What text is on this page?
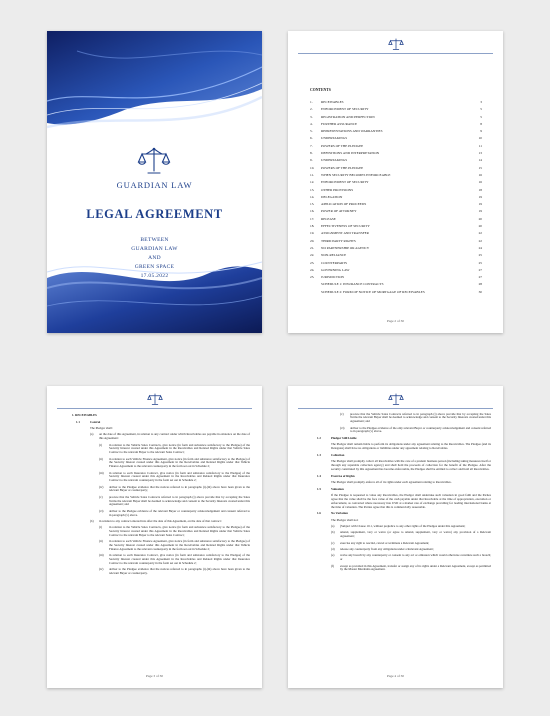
GUARDIAN LAW
LEGAL AGREEMENT
BETWEEN
GUARDIAN LAW
AND
GREEN SPACE
17.05.2022
CONTENTS
1.	RECEIVABLES	3
2.	ENFORCEMENT OF SECURITY	5
3.	REGISTRATION AND PERFECTION	5
4.	FURTHER ASSURANCE	8
5.	REPRESENTATIONS AND WARRANTIES	9
6.	UNDERTAKINGS	10
7.	POWERS OF THE PLEDGEE	11
8.	DEFINITIONS AND INTERPRETATION	13
9.	UNDERTAKINGS	14
10.	POWERS OF THE PLEDGEE	15
11.	WHEN SECURITY BECOMES ENFORCEABLE	16
12.	ENFORCEMENT OF SECURITY	16
13.	OTHER PROVISIONS	18
14.	DELEGATION	19
15.	APPLICATION OF PROCEEDS	19
16.	POWER OF ATTORNEY	19
17.	RELEASE	20
18.	EFFECTIVENESS OF SECURITY	20
19.	ASSIGNMENT AND TRANSFER	22
20.	THIRD PARTY RIGHTS	22
21.	NO PARTNERSHIP OR AGENCY	24
22.	NON-RELIANCE	25
23.	COUNTERPARTS	25
24.	GOVERNING LAW	27
25.	JURISDICTION	27
SCHEDULE 1: INSURANCE CONTRACTS	28
SCHEDULE 2: FORM OF NOTICE OF MORTGAGE OF RECEIVABLES	30
Page 2 of 30
1. RECEIVABLES
1.1	Control
The Pledgor shall:
(a)	on the date of this Agreement, in relation to any contract under which Receivables are payable in existence on the date of this Agreement:
(i)	in relation to the Vehicle Sales Contracts, give notice (in form and substance satisfactory to the Pledgee) of the Security Interest created under this Agreement in the Receivables and Related Rights under that Vehicle Sales Contract to the relevant Buyer to the relevant Sales Contract;
(ii)	in relation to each Vehicle Finance Agreement, give notice (in form and substance satisfactory to the Pledgee) of the Security Interest created under this Agreement in the Receivables and Related Rights under that Vehicle Finance Agreement to the relevant counterparty in the form set out in Schedule 2;
(iii)	in relation to each Insurance Contract, give notice (in form and substance satisfactory to the Pledgee) of the Security Interest created under this Agreement in the Receivables and Related Rights under that Insurance Contract to the relevant counterparty in the form set out in Schedule 2;
(iv)	deliver to the Pledgee evidence that the notices referred to in paragraphs (i)-(iii) above have been given to the relevant Buyer or counterparty;
(v)	procure that the Vehicle Sales Contracts referred to in paragraph (i) above provide that by accepting the Sales Terms the relevant Buyer shall be deemed to acknowledge and consent to the Security Interests created under this Agreement; and
(vi)	deliver to the Pledgee evidence of the relevant Buyer or counterparty acknowledgement and consent referred to in paragraph (v) above.
(b)	in relation to any contract entered into after the date of this Agreement, on the date of that contract:
(i)	in relation to the Vehicle Sales Contracts, give notice (in form and substance satisfactory to the Pledgee) of the Security Interest created under this Agreement in the Receivables and Related Rights under that Vehicle Sales Contract to the relevant Buyer to the relevant Sales Contract;
(ii)	in relation to each Vehicle Finance Agreement, give notice (in form and substance satisfactory to the Pledgee) of the Security Interest created under this Agreement in the Receivables and Related Rights under that Vehicle Finance Agreement to the relevant counterparty in the form set out in Schedule 2;
(iii)	in relation to each Insurance Contract, give notice (in form and substance satisfactory to the Pledgee) of the Security Interest created under this Agreement in the Receivables and Related Rights under that Insurance Contract to the relevant counterparty in the form set out in Schedule 2;
(iv)	deliver to the Pledgee evidence that the notices referred to in paragraphs (i)-(iii) above have been given to the relevant Buyer or counterparty.
Page 3 of 30
(v)	procure that the Vehicle Sales Contracts referred to in paragraph (i) above provide that by accepting the Sales Terms the relevant Buyer shall be deemed to acknowledge and consent to the Security Interests created under this Agreement; and
(vi)	deliver to the Pledgee evidence of the only relevant Buyer or counterparty acknowledgement and consent referred to in paragraph (v) above.
1.2	Pledgor Still Liable
The Pledgor shall remain liable to perform its obligations under any agreement relating to the Receivables. The Pledgee (and its Delegates) shall have no obligations or liabilities under any agreement relating to Receivables.
1.3	Collection
The Pledgor shall promptly collect all Receivables with the care of a prudent business person (including taking measures itself or through any reputable collection agency) and shall hold the proceeds of collection for the benefit of the Pledgee. After the security constituted by this Agreement has become enforceable, the Pledgee shall be entitled to collect and hold all Receivables.
1.4	Exercise of Rights
The Pledgor shall promptly enforce all of its rights under each agreement relating to Receivables.
1.5	Valuation
If the Pledgee is requested to value any Receivables, the Pledgor shall undertake such valuation in good faith and the Parties agree that the value shall be the face value of the cash payable under that Receivable at the time of appropriation, execution or enforcement, as converted where necessary into USD at a market rate of exchange prevailing for leading international banks at the time of valuation. The Parties agree that this is commercially reasonable.
1.6	No Variation
The Pledgor shall not:
(a)	(Subject with Clause 10.1, without prejudice to any other rights of the Pledgee under this Agreement;
(b)	amend, supplement, vary or waive (or agree to amend, supplement, vary or waive) any provision of a Relevant Agreement;
(c)	exercise any right to rescind, cancel or terminate a Relevant Agreement;
(d)	release any counterparty from any obligations under a Relevant Agreement;
(e)	waive any breach by any counterparty or consent to any act or omission which would otherwise constitute such a breach; or
(f)	except as provided in this Agreement, transfer or assign any of its rights under a Relevant Agreement, except as permitted by the Master Murabaha Agreement.
Page 4 of 30
